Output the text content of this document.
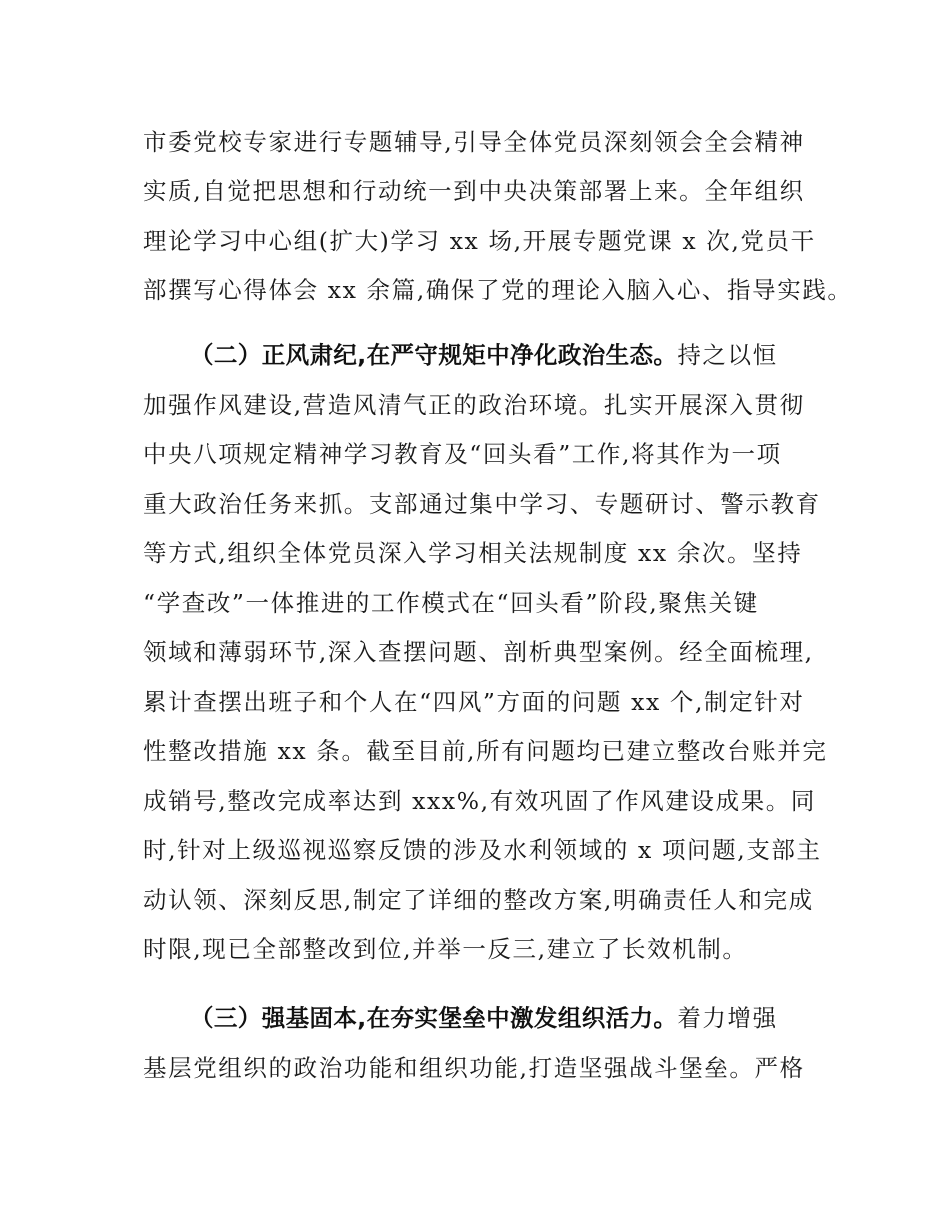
市委党校专家进行专题辅导,引导全体党员深刻领会全会精神
实质,自觉把思想和行动统一到中央决策部署上来。全年组织
理论学习中心组(扩大)学习 xx 场,开展专题党课 x 次,党员干
部撰写心得体会 xx 余篇,确保了党的理论入脑入心、指导实践。
（二）正风肃纪,在严守规矩中净化政治生态。持之以恒
加强作风建设,营造风清气正的政治环境。扎实开展深入贯彻
中央八项规定精神学习教育及“回头看”工作,将其作为一项
重大政治任务来抓。支部通过集中学习、专题研讨、警示教育
等方式,组织全体党员深入学习相关法规制度 xx 余次。坚持
“学查改”一体推进的工作模式在“回头看”阶段,聚焦关键
领域和薄弱环节,深入查摆问题、剖析典型案例。经全面梳理,
累计查摆出班子和个人在“四风”方面的问题 xx 个,制定针对
性整改措施 xx 条。截至目前,所有问题均已建立整改台账并完
成销号,整改完成率达到 xxx%,有效巩固了作风建设成果。同
时,针对上级巡视巡察反馈的涉及水利领域的 x 项问题,支部主
动认领、深刻反思,制定了详细的整改方案,明确责任人和完成
时限,现已全部整改到位,并举一反三,建立了长效机制。
（三）强基固本,在夯实堡垒中激发组织活力。着力增强
基层党组织的政治功能和组织功能,打造坚强战斗堡垒。严格
